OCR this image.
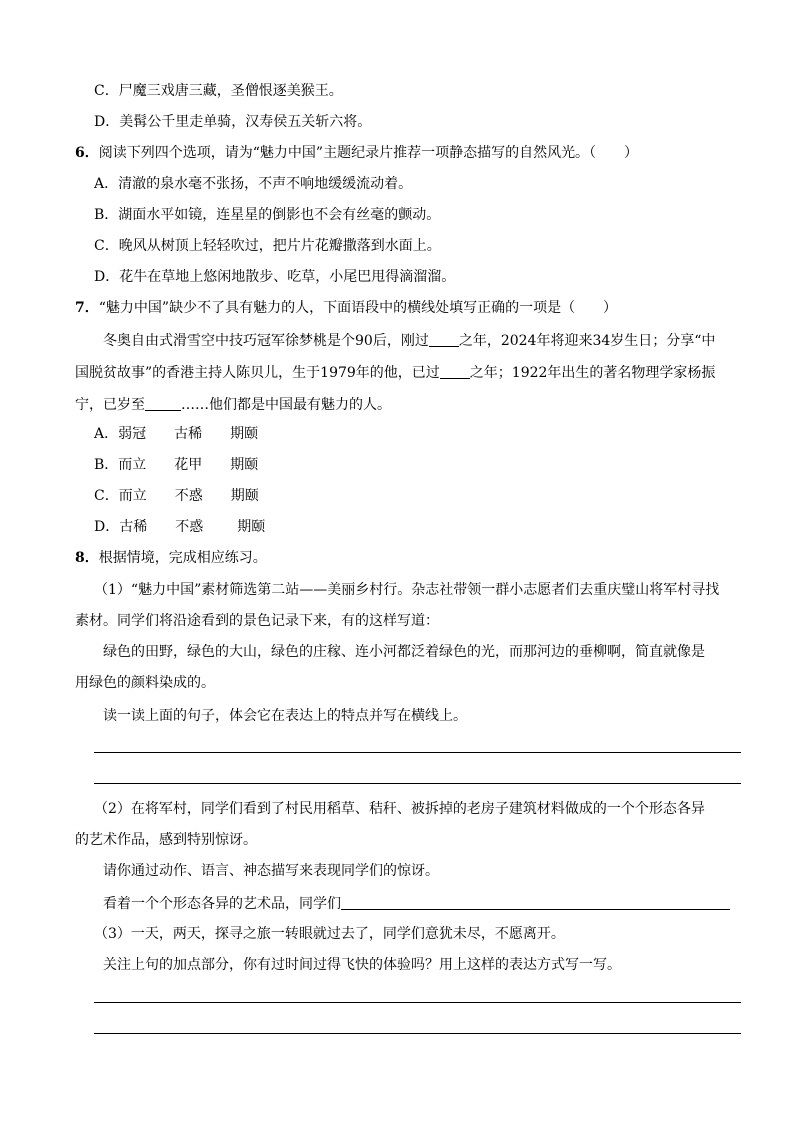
C．尸魔三戏唐三藏，圣僧恨逐美猴王。
D．美髯公千里走单骑，汉寿侯五关斩六将。
6．阅读下列四个选项，请为“魅力中国”主题纪录片推荐一项静态描写的自然风光。（　　）
A．清澈的泉水毫不张扬，不声不响地缓缓流动着。
B．湖面水平如镜，连星星的倒影也不会有丝毫的颤动。
C．晚风从树顶上轻轻吹过，把片片花瓣撒落到水面上。
D．花牛在草地上悠闲地散步、吃草，小尾巴甩得滴溜溜。
7．“魅力中国”缺少不了具有魅力的人，下面语段中的横线处填写正确的一项是（　　）
冬奥自由式滑雪空中技巧冠军徐梦桃是个90后，刚过 之年，2024年将迎来34岁生日；分享“中
国脱贫故事”的香港主持人陈贝儿，生于1979年的他，已过 之年；1922年出生的著名物理学家杨振
宁，已岁至	……他们都是中国最有魅力的人。
A．弱冠 古稀 期颐
B．而立 花甲 期颐
C．而立 不惑 期颐
D．古稀 不惑 期颐
8．根据情境，完成相应练习。
（1）“魅力中国”素材筛选第二站——美丽乡村行。杂志社带领一群小志愿者们去重庆璧山将军村寻找
素材。同学们将沿途看到的景色记录下来，有的这样写道：
绿色的田野，绿色的大山，绿色的庄稼、连小河都泛着绿色的光，而那河边的垂柳啊，简直就像是
用绿色的颜料染成的。
读一读上面的句子，体会它在表达上的特点并写在横线上。
（2）在将军村，同学们看到了村民用稻草、秸秆、被拆掉的老房子建筑材料做成的一个个形态各异
的艺术作品，感到特别惊讶。
请你通过动作、语言、神态描写来表现同学们的惊讶。
看着一个个形态各异的艺术品，同学们
（3）一天，两天，探寻之旅一转眼就过去了，同学们意犹未尽，不愿离开。
关注上句的加点部分，你有过时间过得飞快的体验吗？用上这样的表达方式写一写。
